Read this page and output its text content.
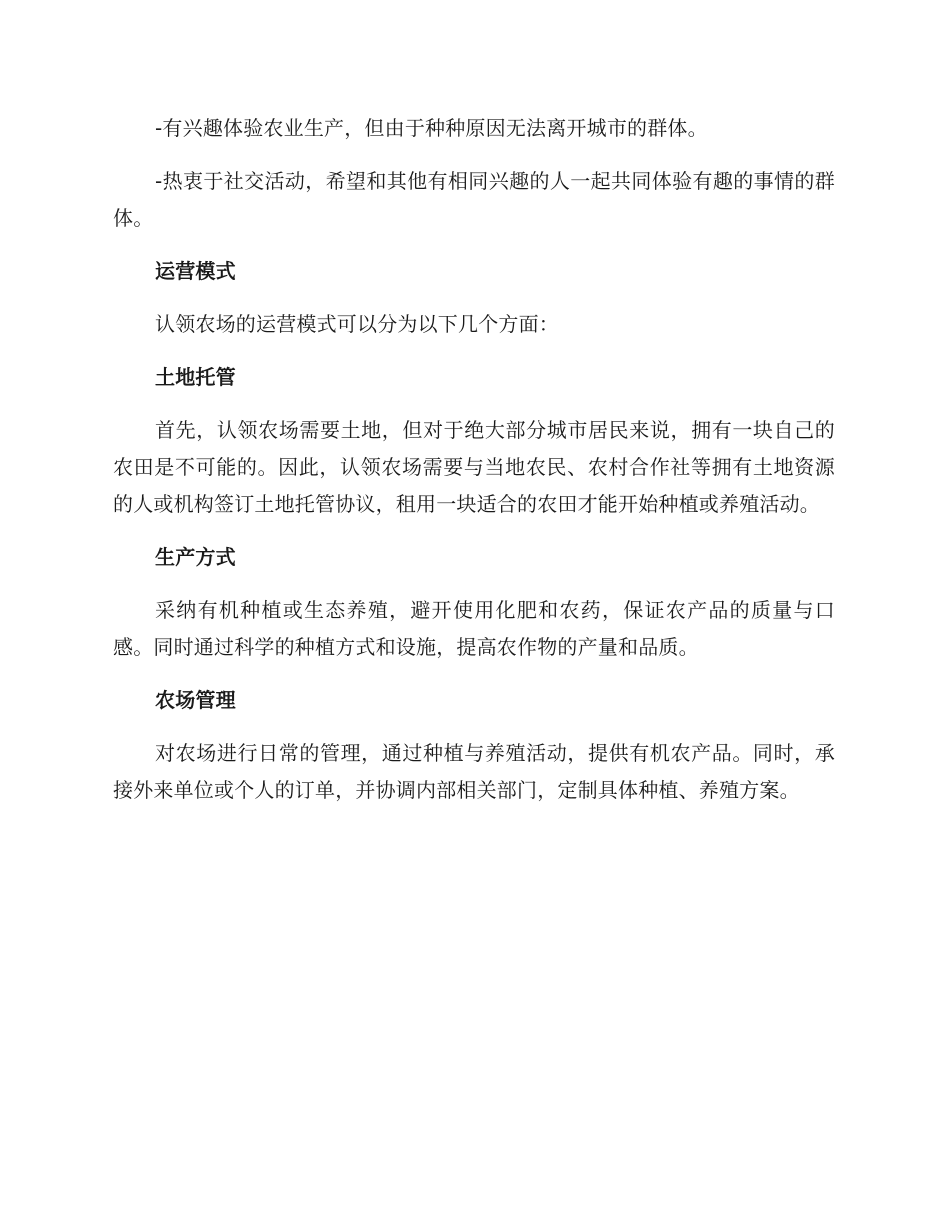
-有兴趣体验农业生产，但由于种种原因无法离开城市的群体。

-热衷于社交活动，希望和其他有相同兴趣的人一起共同体验有趣的事情的群体。

运营模式

认领农场的运营模式可以分为以下几个方面：

土地托管

首先，认领农场需要土地，但对于绝大部分城市居民来说，拥有一块自己的农田是不可能的。因此，认领农场需要与当地农民、农村合作社等拥有土地资源的人或机构签订土地托管协议，租用一块适合的农田才能开始种植或养殖活动。

生产方式

采纳有机种植或生态养殖，避开使用化肥和农药，保证农产品的质量与口感。同时通过科学的种植方式和设施，提高农作物的产量和品质。

农场管理

对农场进行日常的管理，通过种植与养殖活动，提供有机农产品。同时，承接外来单位或个人的订单，并协调内部相关部门，定制具体种植、养殖方案。
